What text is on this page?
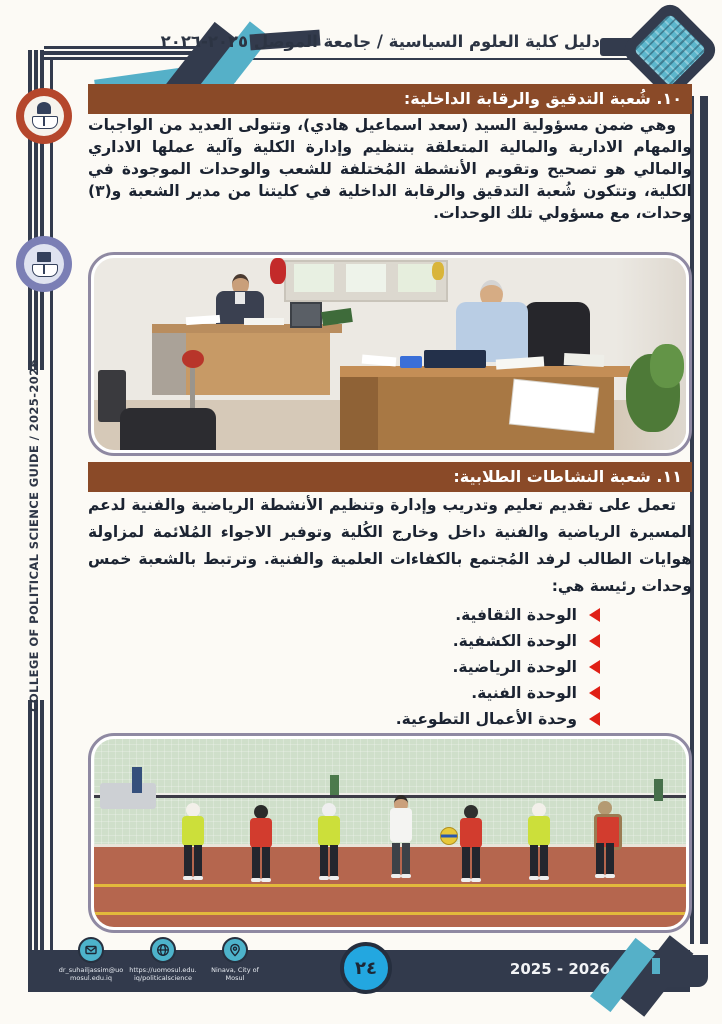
دليل كلية العلوم السياسية / جامعة الموصل ٢٠٢٥-٢٠٢٦
COLLEGE OF POLITICAL SCIENCE GUIDE / 2025-2026
١٠. شُعبة التدقيق والرقابة الداخلية:

وهي ضمن مسؤولية السيد (سعد اسماعيل هادي)، وتتولى العديد من الواجبات والمهام الادارية والمالية المتعلقة بتنظيم وإدارة الكلية وآلية عملها الاداري والمالي هو تصحيح وتقويم الأنشطة المُختلفة للشعب والوحدات الموجودة في الكلية، وتتكون شُعبة التدقيق والرقابة الداخلية في كليتنا من مدير الشعبة و(٣) وحدات، مع مسؤولي تلك الوحدات.

١١. شعبة النشاطات الطلابية:

تعمل على تقديم تعليم وتدريب وإدارة وتنظيم الأنشطة الرياضية والفنية لدعم المسيرة الرياضية والفنية داخل وخارج الكُلية وتوفير الاجواء المُلائمة لمزاولة هوايات الطالب لرفد المُجتمع بالكفاءات العلمية والفنية. وترتبط بالشعبة خمس وحدات رئيسة هي:

الوحدة الثقافية.
الوحدة الكشفية.
الوحدة الرياضية.
الوحدة الفنية.
وحدة الأعمال التطوعية.
dr_suhailjassim@uo
mosul.edu.iq
https://uomosul.edu.
iq/politicalscience
Ninava, City of
Mosul	٢٤	2025 - 2026
